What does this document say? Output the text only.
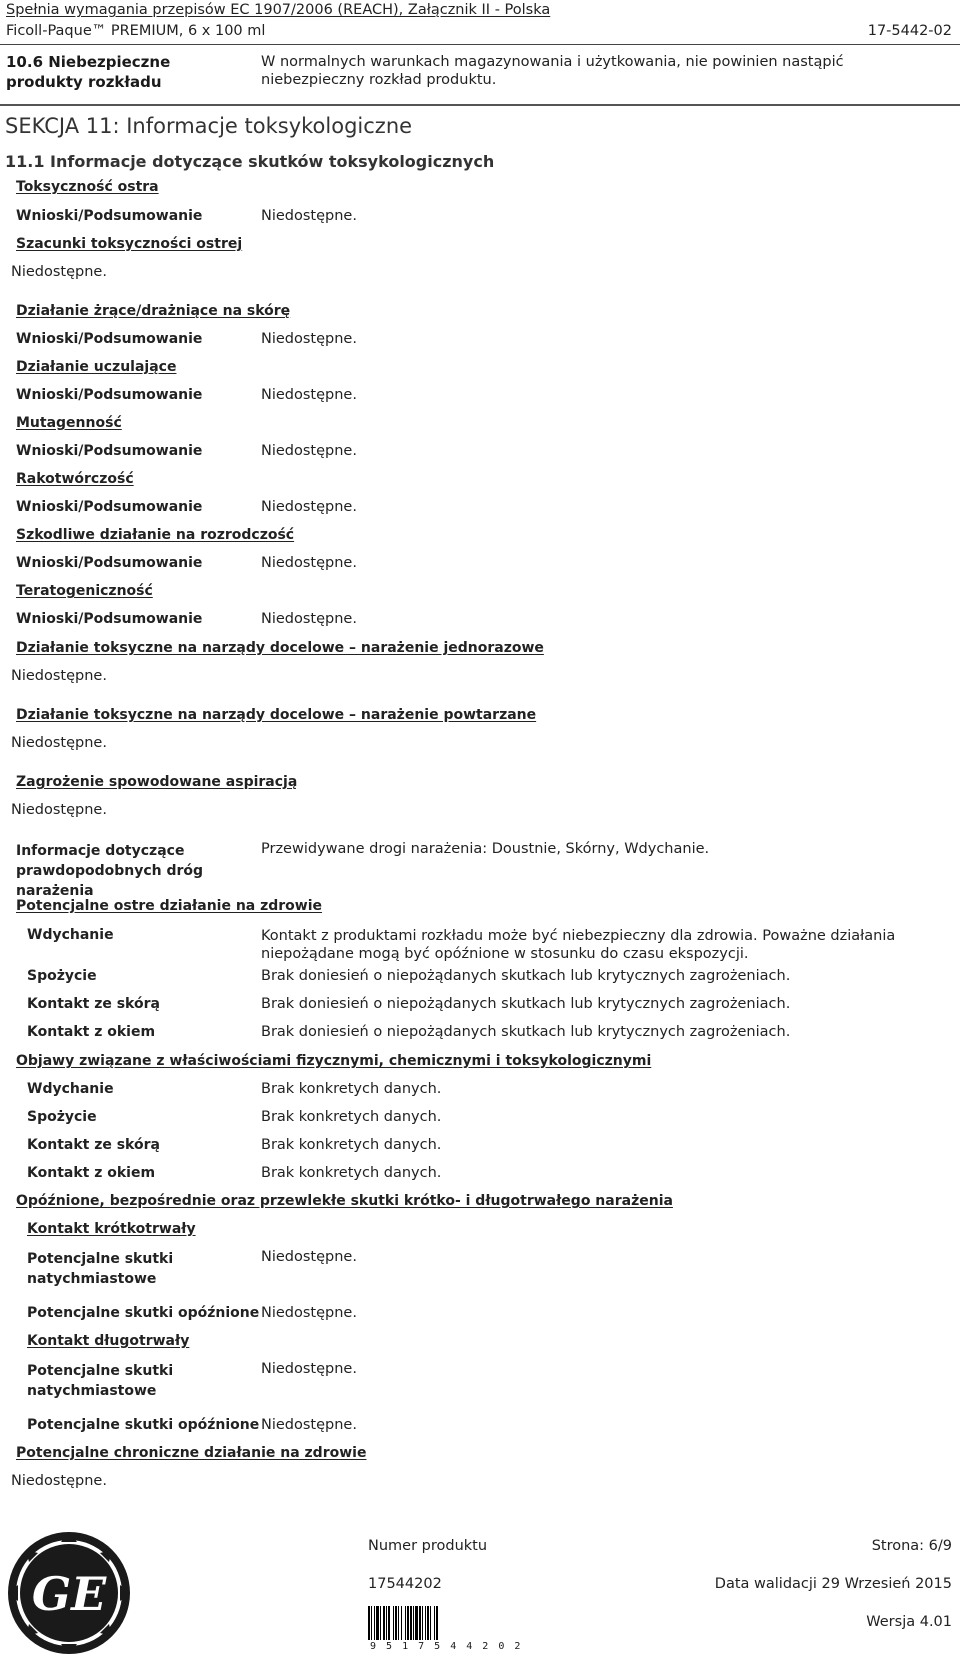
Spełnia wymagania przepisów EC 1907/2006 (REACH), Załącznik II - Polska
Ficoll-Paque™ PREMIUM, 6 x 100 ml	17-5442-02
10.6 Niebezpieczne produkty rozkładu
W normalnych warunkach magazynowania i użytkowania, nie powinien nastąpić niebezpieczny rozkład produktu.
SEKCJA 11: Informacje toksykologiczne
11.1 Informacje dotyczące skutków toksykologicznych
Toksyczność ostra
Wnioski/Podsumowanie	Niedostępne.
Szacunki toksyczności ostrej
Niedostępne.
Działanie żrące/drażniące na skórę
Wnioski/Podsumowanie	Niedostępne.
Działanie uczulające
Wnioski/Podsumowanie	Niedostępne.
Mutagenność
Wnioski/Podsumowanie	Niedostępne.
Rakotwórczość
Wnioski/Podsumowanie	Niedostępne.
Szkodliwe działanie na rozrodczość
Wnioski/Podsumowanie	Niedostępne.
Teratogeniczność
Wnioski/Podsumowanie	Niedostępne.
Działanie toksyczne na narządy docelowe – narażenie jednorazowe
Niedostępne.
Działanie toksyczne na narządy docelowe – narażenie powtarzane
Niedostępne.
Zagrożenie spowodowane aspiracją
Niedostępne.
Informacje dotyczące prawdopodobnych dróg narażenia
Przewidywane drogi narażenia: Doustnie, Skórny, Wdychanie.
Potencjalne ostre działanie na zdrowie
Wdychanie	Kontakt z produktami rozkładu może być niebezpieczny dla zdrowia. Poważne działania niepożądane mogą być opóźnione w stosunku do czasu ekspozycji.
Spożycie	Brak doniesień o niepożądanych skutkach lub krytycznych zagrożeniach.
Kontakt ze skórą	Brak doniesień o niepożądanych skutkach lub krytycznych zagrożeniach.
Kontakt z okiem	Brak doniesień o niepożądanych skutkach lub krytycznych zagrożeniach.
Objawy związane z właściwościami fizycznymi, chemicznymi i toksykologicznymi
Wdychanie	Brak konkretych danych.
Spożycie	Brak konkretych danych.
Kontakt ze skórą	Brak konkretych danych.
Kontakt z okiem	Brak konkretych danych.
Opóźnione, bezpośrednie oraz przewlekłe skutki krótko- i długotrwałego narażenia
Kontakt krótkotrwały
Potencjalne skutki natychmiastowe
Niedostępne.
Potencjalne skutki opóźnione Niedostępne.
Kontakt długotrwały
Potencjalne skutki natychmiastowe
Niedostępne.
Potencjalne skutki opóźnione Niedostępne.
Potencjalne chroniczne działanie na zdrowie
Niedostępne.
GE
Numer produktu	Strona: 6/9
17544202	Data walidacji 29 Wrzesień 2015
Wersja 4.01
9 5 1 7 5 4 4 2 0 2
